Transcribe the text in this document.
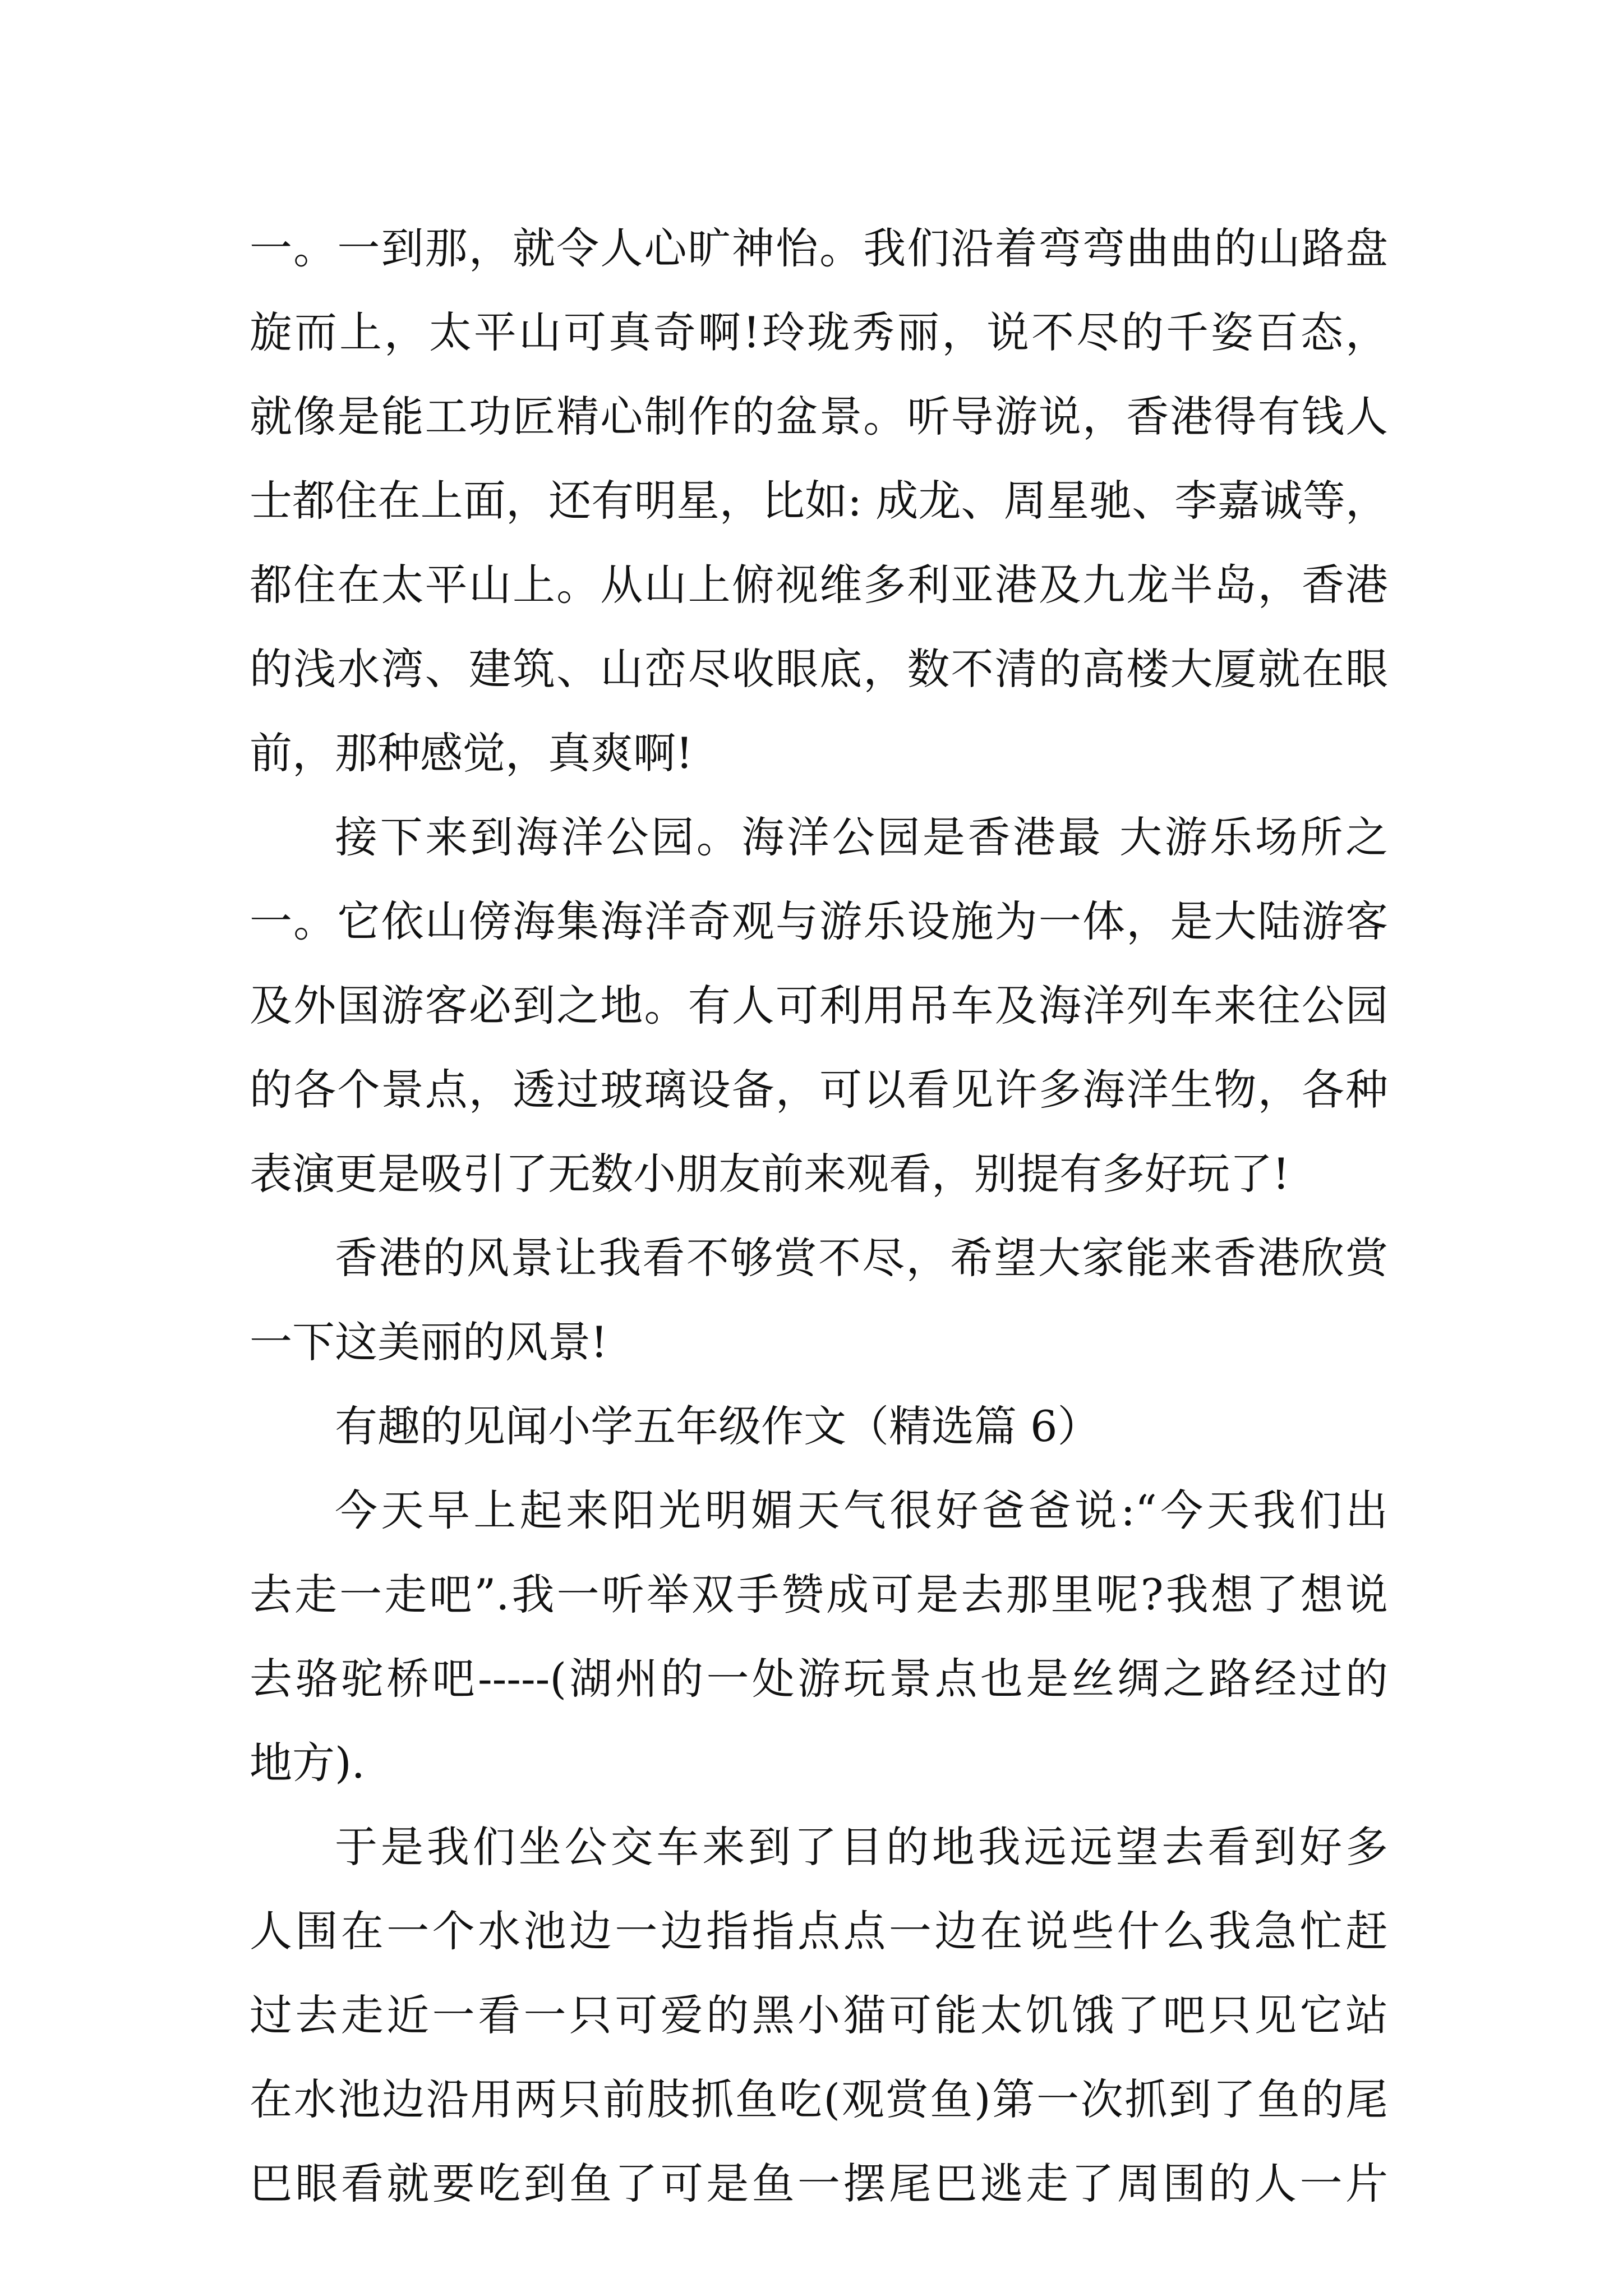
一。一到那，就令人心旷神怡。我们沿着弯弯曲曲的山路盘
旋而上，太平山可真奇啊!玲珑秀丽，说不尽的千姿百态，
就像是能工功匠精心制作的盆景。听导游说，香港得有钱人
士都住在上面，还有明星，比如: 成龙、周星驰、李嘉诚等，
都住在太平山上。从山上俯视维多利亚港及九龙半岛，香港
的浅水湾、建筑、山峦尽收眼底，数不清的高楼大厦就在眼
前，那种感觉，真爽啊!
接下来到海洋公园。海洋公园是香港最 大游乐场所之
一。它依山傍海集海洋奇观与游乐设施为一体，是大陆游客
及外国游客必到之地。有人可利用吊车及海洋列车来往公园
的各个景点，透过玻璃设备，可以看见许多海洋生物，各种
表演更是吸引了无数小朋友前来观看，别提有多好玩了!
香港的风景让我看不够赏不尽，希望大家能来香港欣赏
一下这美丽的风景!
有趣的见闻小学五年级作文（精选篇 6）
今天早上起来阳光明媚天气很好爸爸说:“今天我们出
去走一走吧”.我一听举双手赞成可是去那里呢?我想了想说
去骆驼桥吧-----(湖州的一处游玩景点也是丝绸之路经过的
地方).
于是我们坐公交车来到了目的地我远远望去看到好多
人围在一个水池边一边指指点点一边在说些什么我急忙赶
过去走近一看一只可爱的黑小猫可能太饥饿了吧只见它站
在水池边沿用两只前肢抓鱼吃(观赏鱼)第一次抓到了鱼的尾
巴眼看就要吃到鱼了可是鱼一摆尾巴逃走了周围的人一片
